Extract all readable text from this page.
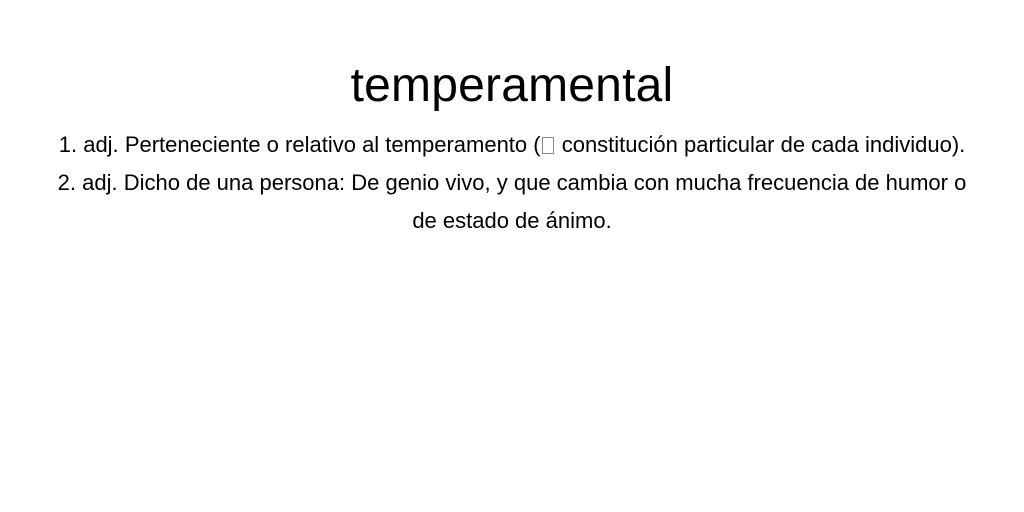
temperamental

1. adj. Perteneciente o relativo al temperamento ( constitución particular de cada individuo).

2. adj. Dicho de una persona: De genio vivo, y que cambia con mucha frecuencia de humor o de estado de ánimo.
